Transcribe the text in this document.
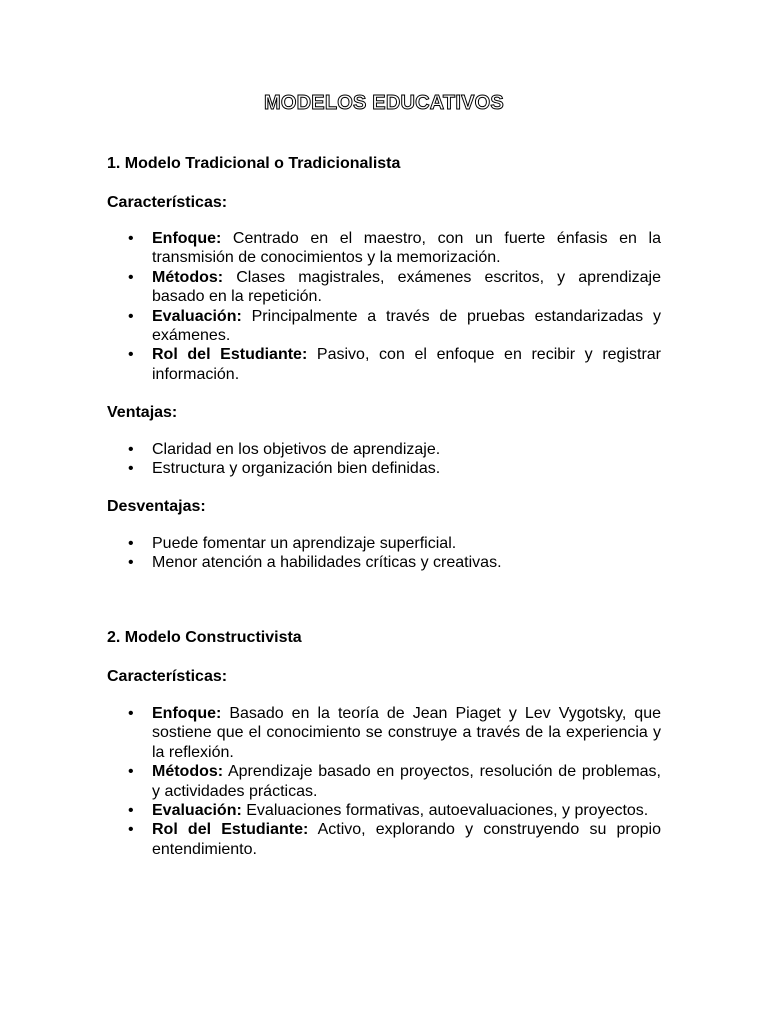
MODELOS EDUCATIVOS
1. Modelo Tradicional o Tradicionalista
Características:
• Enfoque: Centrado en el maestro, con un fuerte énfasis en la transmisión de conocimientos y la memorización.
• Métodos: Clases magistrales, exámenes escritos, y aprendizaje basado en la repetición.
• Evaluación: Principalmente a través de pruebas estandarizadas y exámenes.
• Rol del Estudiante: Pasivo, con el enfoque en recibir y registrar información.
Ventajas:
• Claridad en los objetivos de aprendizaje.
• Estructura y organización bien definidas.
Desventajas:
• Puede fomentar un aprendizaje superficial.
• Menor atención a habilidades críticas y creativas.
2. Modelo Constructivista
Características:
• Enfoque: Basado en la teoría de Jean Piaget y Lev Vygotsky, que sostiene que el conocimiento se construye a través de la experiencia y la reflexión.
• Métodos: Aprendizaje basado en proyectos, resolución de problemas, y actividades prácticas.
• Evaluación: Evaluaciones formativas, autoevaluaciones, y proyectos.
• Rol del Estudiante: Activo, explorando y construyendo su propio entendimiento.
